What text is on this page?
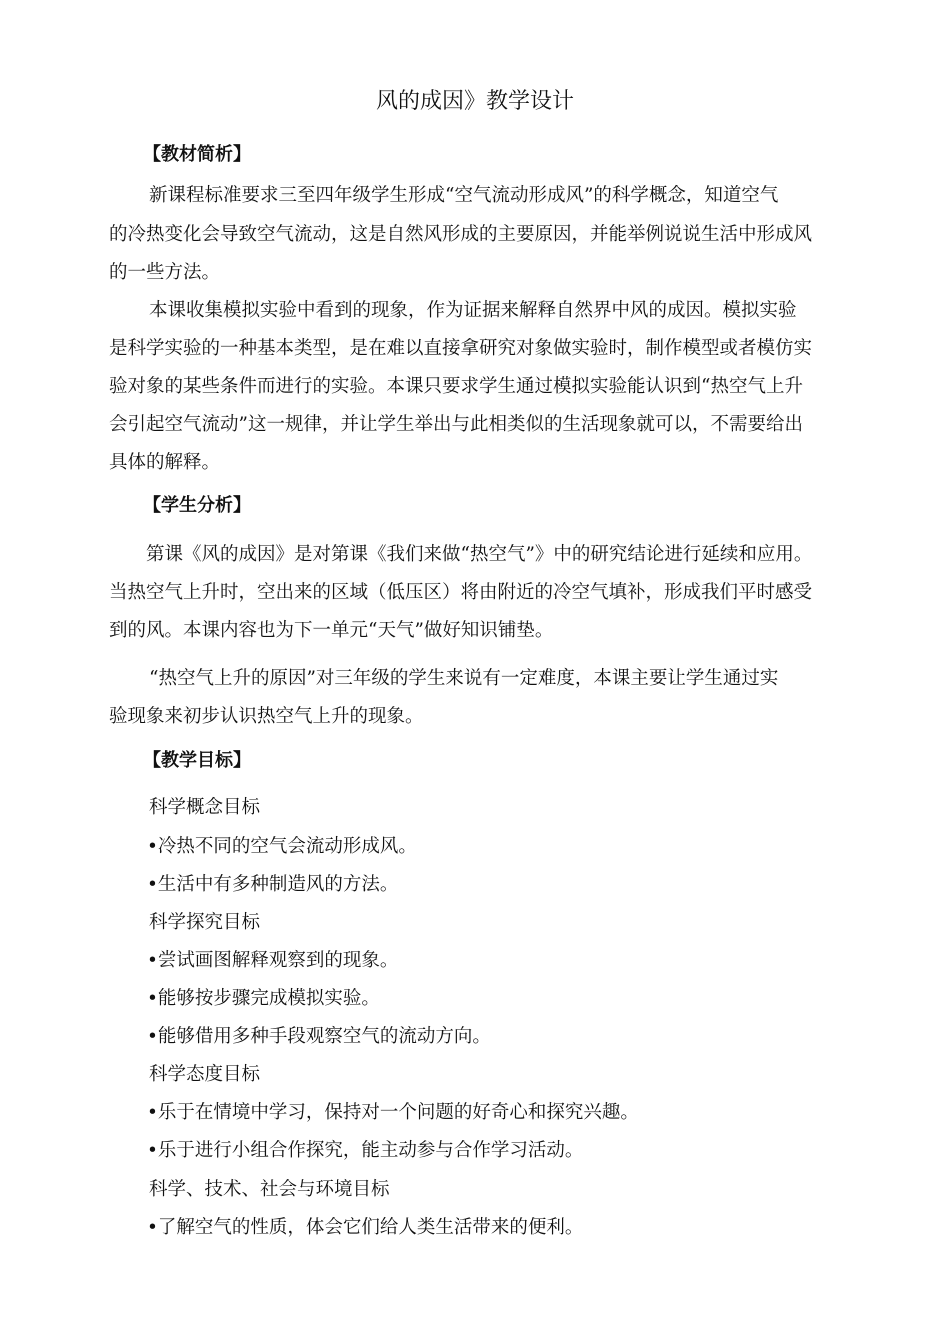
风的成因》教学设计
【教材简析】

新课程标准要求三至四年级学生形成“空气流动形成风”的科学概念，知道空气

的冷热变化会导致空气流动，这是自然风形成的主要原因，并能举例说说生活中形成风

的一些方法。

本课收集模拟实验中看到的现象，作为证据来解释自然界中风的成因。模拟实验

是科学实验的一种基本类型，是在难以直接拿研究对象做实验时，制作模型或者模仿实

验对象的某些条件而进行的实验。本课只要求学生通过模拟实验能认识到“热空气上升

会引起空气流动”这一规律，并让学生举出与此相类似的生活现象就可以，不需要给出

具体的解释。

【学生分析】

第课《风的成因》是对第课《我们来做“热空气”》中的研究结论进行延续和应用。

当热空气上升时，空出来的区域（低压区）将由附近的冷空气填补，形成我们平时感受

到的风。本课内容也为下一单元“天气”做好知识铺垫。

“热空气上升的原因”对三年级的学生来说有一定难度，本课主要让学生通过实

验现象来初步认识热空气上升的现象。

【教学目标】

科学概念目标

•冷热不同的空气会流动形成风。

•生活中有多种制造风的方法。

科学探究目标

•尝试画图解释观察到的现象。

•能够按步骤完成模拟实验。

•能够借用多种手段观察空气的流动方向。

科学态度目标

•乐于在情境中学习，保持对一个问题的好奇心和探究兴趣。

•乐于进行小组合作探究，能主动参与合作学习活动。

科学、技术、社会与环境目标

•了解空气的性质，体会它们给人类生活带来的便利。
